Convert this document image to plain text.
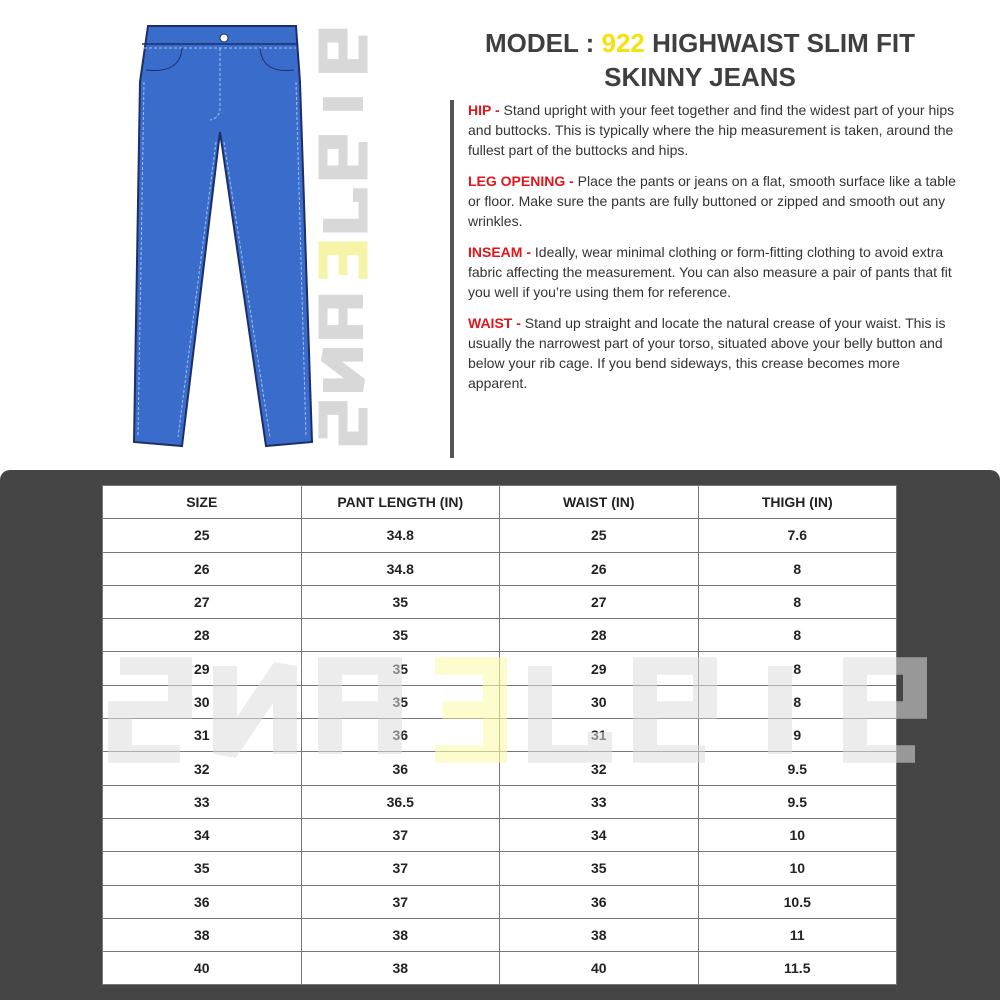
MODEL : 922 HIGHWAIST SLIM FIT
SKINNY JEANS

HIP - Stand upright with your feet together and find the widest part of your hips and buttocks. This is typically where the hip measurement is taken, around the fullest part of the buttocks and hips.

LEG OPENING - Place the pants or jeans on a flat, smooth surface like a table or floor. Make sure the pants are fully buttoned or zipped and smooth out any wrinkles.

INSEAM - Ideally, wear minimal clothing or form-fitting clothing to avoid extra fabric affecting the measurement. You can also measure a pair of pants that fit you well if you’re using them for reference.

WAIST - Stand up straight and locate the natural crease of your waist. This is usually the narrowest part of your torso, situated above your belly button and below your rib cage. If you bend sideways, this crease becomes more apparent.

SIZE	PANT LENGTH (IN)	WAIST (IN)	THIGH (IN)
25	34.8	25	7.6
26	34.8	26	8
27	35	27	8
28	35	28	8
29	35	29	8
30	35	30	8
31	36	31	9
32	36	32	9.5
33	36.5	33	9.5
34	37	34	10
35	37	35	10
36	37	36	10.5
38	38	38	11
40	38	40	11.5
